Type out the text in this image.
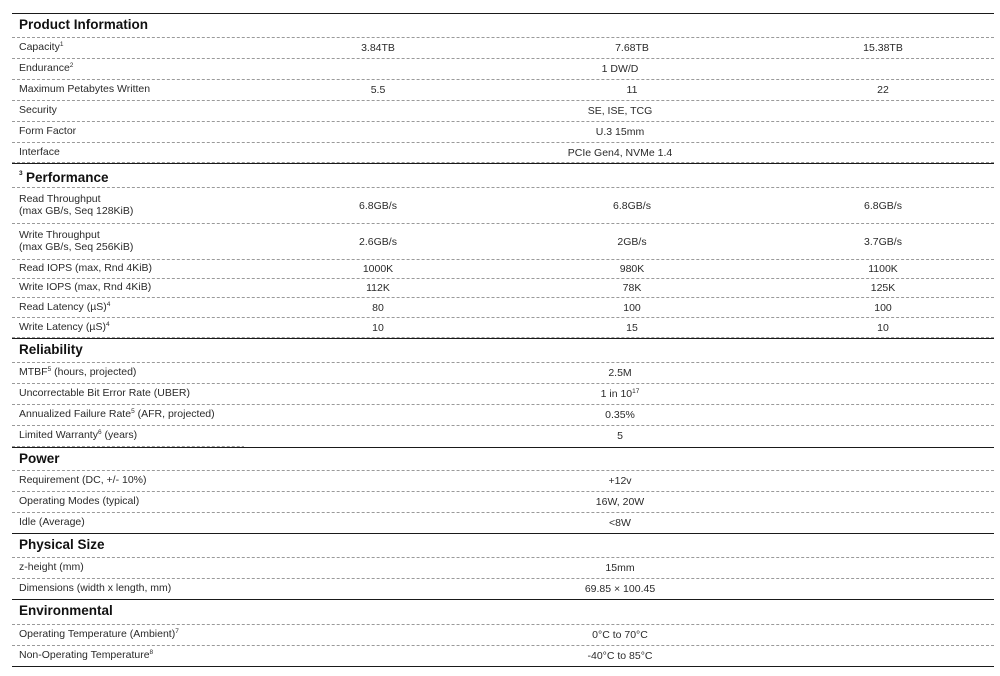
Product Information
Capacity$^1$	3.84TB	7.68TB	15.38TB
Endurance$^2$	1 DW/D
Maximum Petabytes Written	5.5	11	22
Security	SE, ISE, TCG
Form Factor	U.3 15mm
Interface	PCIe Gen4, NVMe 1.4
Performance
$^3$
Read Throughput
(max GB/s, Seq 128KiB)	6.8GB/s	6.8GB/s	6.8GB/s
Write Throughput
(max GB/s, Seq 256KiB)	2.6GB/s	2GB/s	3.7GB/s
Read IOPS (max, Rnd 4KiB)	1000K	980K	1100K
Write IOPS (max, Rnd 4KiB)	112K	78K	125K
Read Latency $(\mu S)^4$	80	100	100
Write Latency $(\mu S)^4$	10	15	10
Reliability
MTBF$^5$ (hours, projected)	2.5M
Uncorrectable Bit Error Rate (UBER)	1 in $10^{17}$
Annualized Failure Rate$^5$ (AFR, projected)	0.35%
Limited Warranty$^6$ (years)	5
Power
Requirement (DC, +/- 10%)	+12v
Operating Modes (typical)	16W, 20W
Idle (Average)	<8W
Physical Size
z-height (mm)	15mm
Dimensions (width x length, mm)	69.85 × 100.45
Environmental
Operating Temperature (Ambient)$^7$	0°C to 70°C
Non-Operating Temperature$^8$	-40°C to 85°C
